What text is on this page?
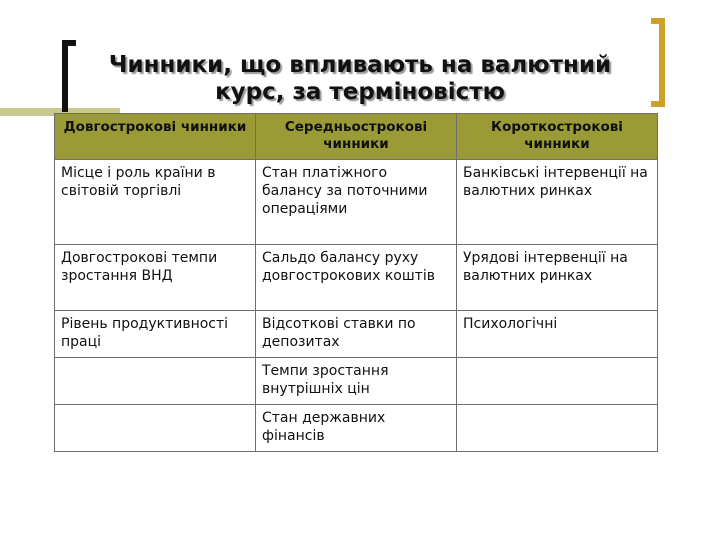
Чинники, що впливають на валютний
курс, за терміновістю
Довгострокові чинники	Середньострокові чинники	Короткострокові чинники
Місце і роль країни в світовій торгівлі	Стан платіжного балансу за поточними операціями	Банківські інтервенції на валютних ринках
Довгострокові темпи зростання ВНД	Сальдо балансу руху довгострокових коштів	Урядові інтервенції на валютних ринках
Рівень продуктивності праці	Відсоткові ставки по депозитах	Психологічні
	Темпи зростання внутрішніх цін	
	Стан державних фінансів	
